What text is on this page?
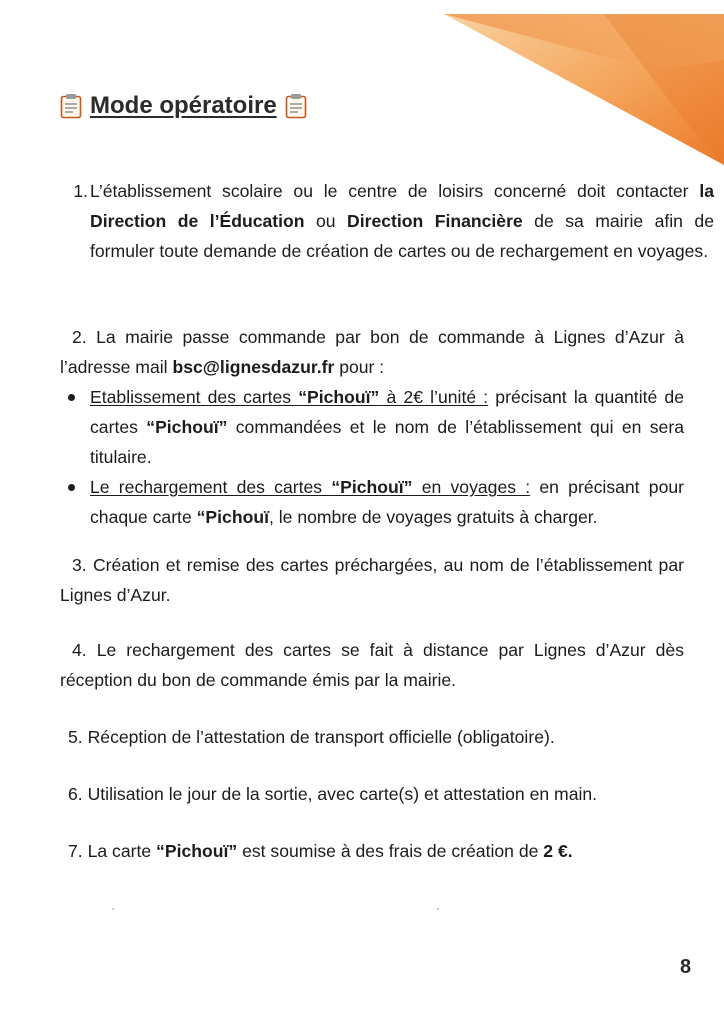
Mode opératoire
1. L’établissement scolaire ou le centre de loisirs concerné doit contacter la Direction de l’Éducation ou Direction Financière de sa mairie afin de formuler toute demande de création de cartes ou de rechargement en voyages.
2. La mairie passe commande par bon de commande à Lignes d’Azur à l’adresse mail bsc@lignesdazur.fr pour :
Etablissement des cartes “Pichouï” à 2€ l’unité : précisant la quantité de cartes “Pichouï” commandées et le nom de l’établissement qui en sera titulaire.
Le rechargement des cartes “Pichouï” en voyages : en précisant pour chaque carte “Pichouï, le nombre de voyages gratuits à charger.
3. Création et remise des cartes préchargées, au nom de l’établissement par Lignes d’Azur.
4. Le rechargement des cartes se fait à distance par Lignes d’Azur dès réception du bon de commande émis par la mairie.
5. Réception de l’attestation de transport officielle (obligatoire).
6. Utilisation le jour de la sortie, avec carte(s) et attestation en main.
7. La carte “Pichouï” est soumise à des frais de création de 2 €.
8
